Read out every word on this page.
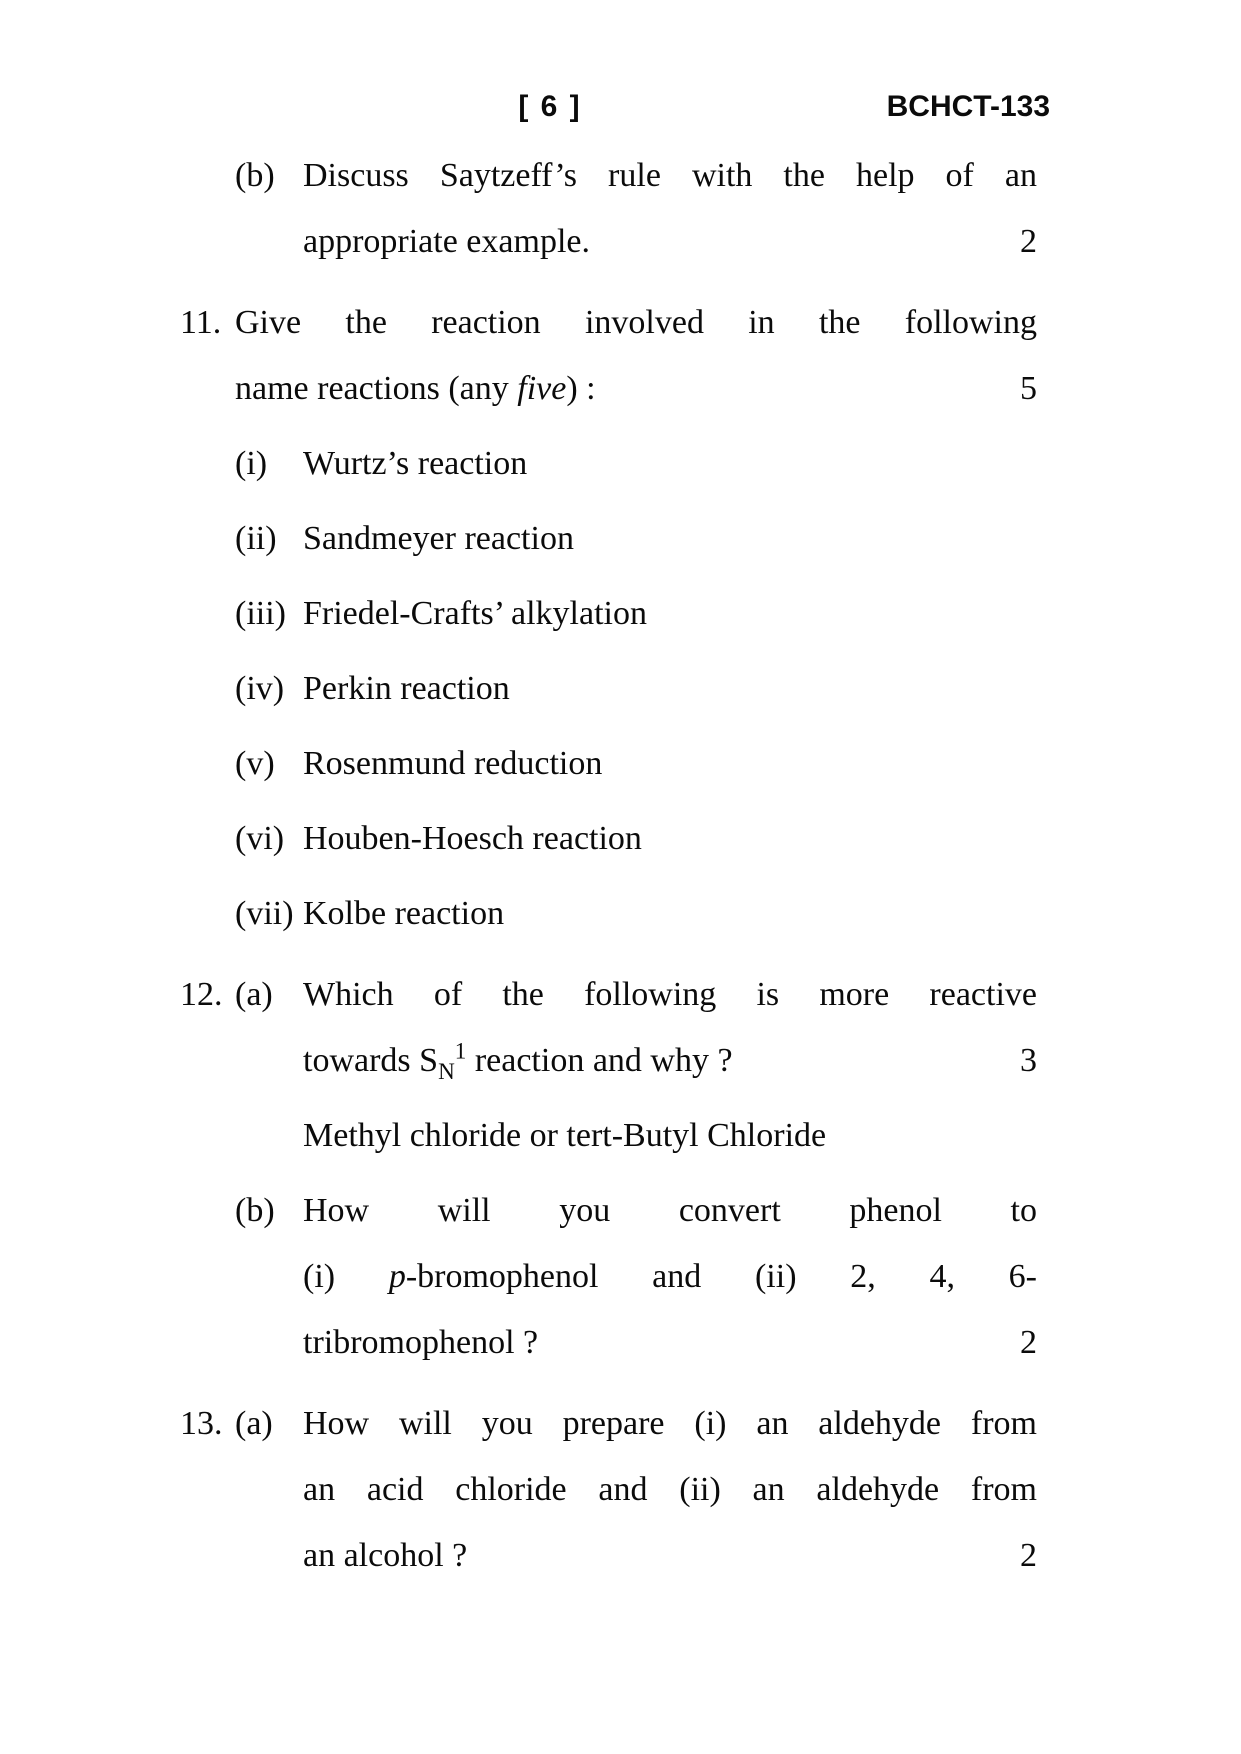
[ 6 ]	BCHCT-133
(b) Discuss Saytzeff’s rule with the help of an
appropriate example.	2
11. Give the reaction involved in the following
name reactions (any five) :	5
(i)	Wurtz’s reaction
(ii) Sandmeyer reaction
(iii) Friedel-Crafts’ alkylation
(iv) Perkin reaction
(v) Rosenmund reduction
(vi) Houben-Hoesch reaction
(vii) Kolbe reaction
12. (a) Which of the following is more reactive
towards $S_N^1$ reaction and why ?	3
Methyl chloride or tert-Butyl Chloride
(b) How will you convert phenol to
(i) p-bromophenol and (ii) 2, 4, 6-
tribromophenol ?	2
13. (a) How will you prepare (i) an aldehyde from
an acid chloride and (ii) an aldehyde from
an alcohol ?	2
